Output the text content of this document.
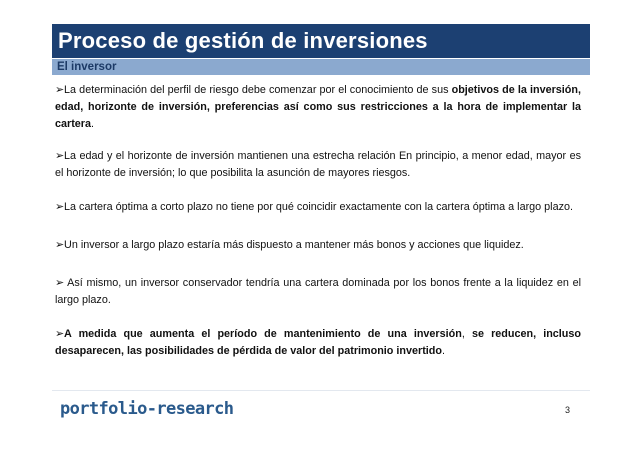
Proceso de gestión de inversiones
El inversor

➢La determinación del perfil de riesgo debe comenzar por el conocimiento de sus objetivos de la inversión, edad, horizonte de inversión, preferencias así como sus restricciones a la hora de implementar la cartera.

➢La edad y el horizonte de inversión mantienen una estrecha relación En principio, a menor edad, mayor es el horizonte de inversión; lo que posibilita la asunción de mayores riesgos.

➢La cartera óptima a corto plazo no tiene por qué coincidir exactamente con la cartera óptima a largo plazo.

➢Un inversor a largo plazo estaría más dispuesto a mantener más bonos y acciones que liquidez.

➢ Así mismo, un inversor conservador tendría una cartera dominada por los bonos frente a la liquidez en el largo plazo.

➢A medida que aumenta el período de mantenimiento de una inversión, se reducen, incluso desaparecen, las posibilidades de pérdida de valor del patrimonio invertido.

portfolio-research	3
